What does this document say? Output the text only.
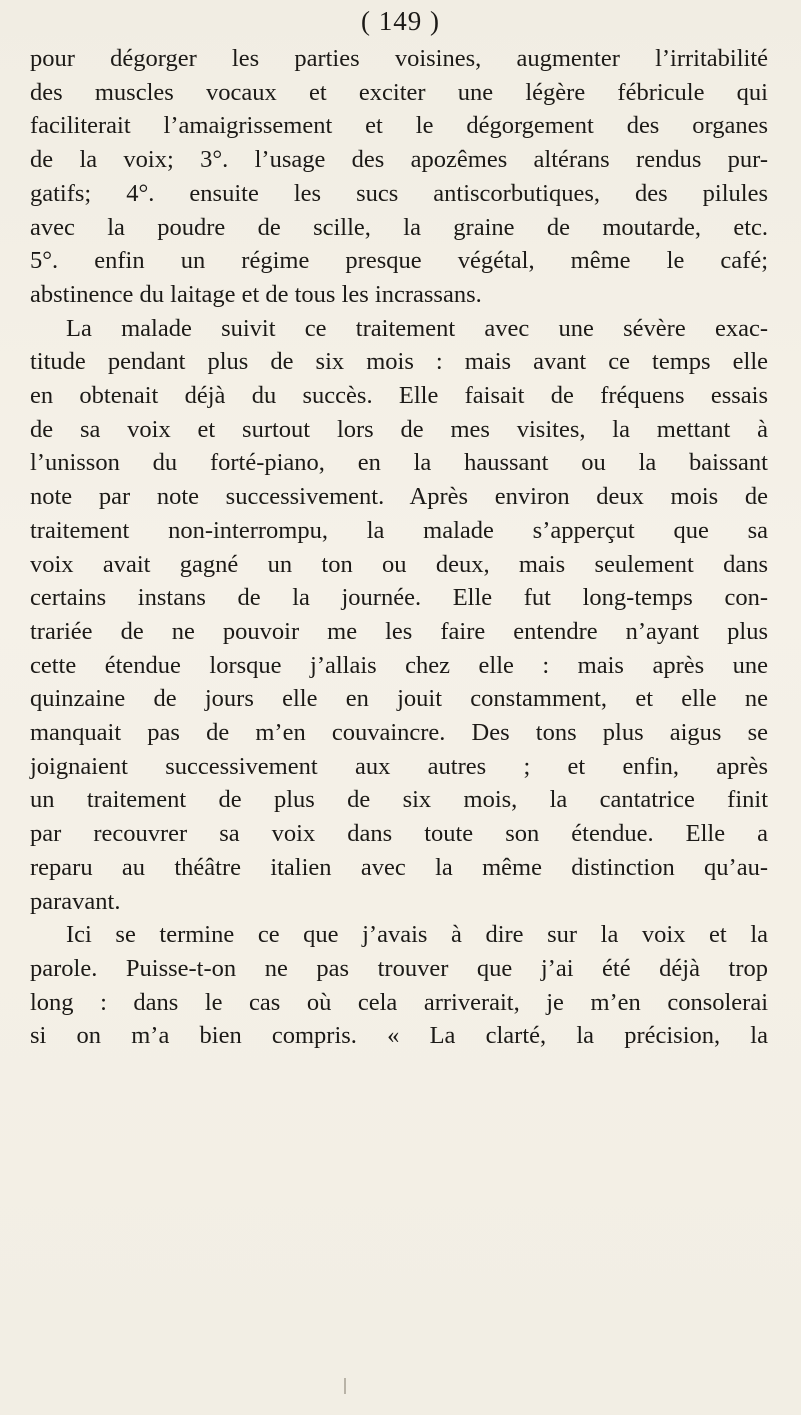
( 149 )
pour dégorger les parties voisines, augmenter l’irritabilité
des muscles vocaux et exciter une légère fébricule qui
faciliterait l’amaigrissement et le dégorgement des organes
de la voix; 3°. l’usage des apozêmes altérans rendus pur-
gatifs; 4°. ensuite les sucs antiscorbutiques, des pilules
avec la poudre de scille, la graine de moutarde, etc.
5°. enfin un régime presque végétal, même le café;
abstinence du laitage et de tous les incrassans.
La malade suivit ce traitement avec une sévère exac-
titude pendant plus de six mois : mais avant ce temps elle
en obtenait déjà du succès. Elle faisait de fréquens essais
de sa voix et surtout lors de mes visites, la mettant à
l’unisson du forté-piano, en la haussant ou la baissant
note par note successivement. Après environ deux mois de
traitement non-interrompu, la malade s’apperçut que sa
voix avait gagné un ton ou deux, mais seulement dans
certains instans de la journée. Elle fut long-temps con-
trariée de ne pouvoir me les faire entendre n’ayant plus
cette étendue lorsque j’allais chez elle : mais après une
quinzaine de jours elle en jouit constamment, et elle ne
manquait pas de m’en couvaincre. Des tons plus aigus se
joignaient successivement aux autres ; et enfin, après
un traitement de plus de six mois, la cantatrice finit
par recouvrer sa voix dans toute son étendue. Elle a
reparu au théâtre italien avec la même distinction qu’au-
paravant.
Ici se termine ce que j’avais à dire sur la voix et la
parole. Puisse-t-on ne pas trouver que j’ai été déjà trop
long : dans le cas où cela arriverait, je m’en consolerai
si on m’a bien compris. « La clarté, la précision, la
